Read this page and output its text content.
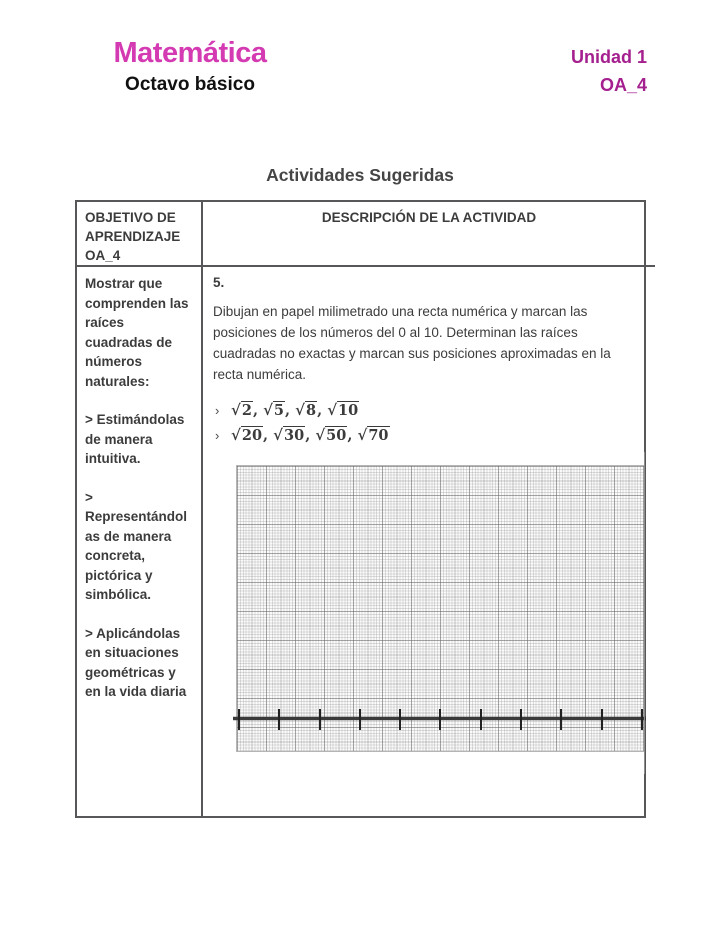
Matemática
Octavo básico
Unidad 1
OA_4
Actividades Sugeridas
OBJETIVO DE APRENDIZAJE OA_4
DESCRIPCIÓN DE LA ACTIVIDAD

Mostrar que comprenden las raíces cuadradas de números naturales:

> Estimándolas de manera intuitiva.

> Representándolas de manera concreta, pictórica y simbólica.

> Aplicándolas en situaciones geométricas y en la vida diaria

5.

Dibujan en papel milimetrado una recta numérica y marcan las posiciones de los números del 0 al 10. Determinan las raíces cuadradas no exactas y marcan sus posiciones aproximadas en la recta numérica.

› √2 , √5 , √8 , √10
› √20 , √30 , √50 , √70
